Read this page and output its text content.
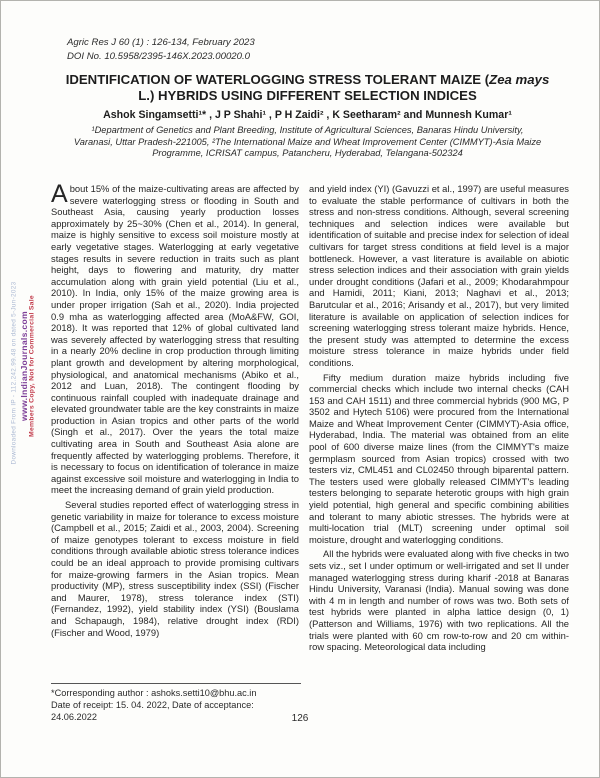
Agric Res J 60 (1) : 126-134, February 2023
DOI No. 10.5958/2395-146X.2023.00020.0
IDENTIFICATION OF WATERLOGGING STRESS TOLERANT MAIZE (Zea mays L.) HYBRIDS USING DIFFERENT SELECTION INDICES
Ashok Singamsetti¹* , J P Shahi¹ , P H Zaidi² , K Seetharam² and Munnesh Kumar¹
¹Department of Genetics and Plant Breeding, Institute of Agricultural Sciences, Banaras Hindu University,
Varanasi, Uttar Pradesh-221005, ²The International Maize and Wheat Improvement Center (CIMMYT)-Asia Maize
Programme, ICRISAT campus, Patancheru, Hyderabad, Telangana-502324

About 15% of the maize-cultivating areas are affected by severe waterlogging stress or flooding in South and Southeast Asia, causing yearly production losses approximately by 25~30% (Chen et al., 2014). In general, maize is highly sensitive to excess soil moisture mostly at early vegetative stages. Waterlogging at early vegetative stages results in severe reduction in traits such as plant height, days to flowering and maturity, dry matter accumulation along with grain yield potential (Liu et al., 2010). In India, only 15% of the maize growing area is under proper irrigation (Sah et al., 2020). India projected 0.9 mha as waterlogging affected area (MoA&FW, GOI, 2018). It was reported that 12% of global cultivated land was severely affected by waterlogging stress that resulting in a nearly 20% decline in crop production through limiting plant growth and development by altering morphological, physiological, and anatomical mechanisms (Abiko et al., 2012 and Luan, 2018). The contingent flooding by continuous rainfall coupled with inadequate drainage and elevated groundwater table are the key constraints in maize production in Asian tropics and other parts of the world (Singh et al., 2017). Over the years the total maize cultivating area in South and Southeast Asia alone are frequently affected by waterlogging problems. Therefore, it is necessary to focus on identification of tolerance in maize against excessive soil moisture and waterlogging in India to meet the increasing demand of grain yield production.

Several studies reported effect of waterlogging stress in genetic variability in maize for tolerance to excess moisture (Campbell et al., 2015; Zaidi et al., 2003, 2004). Screening of maize genotypes tolerant to excess moisture in field conditions through available abiotic stress tolerance indices could be an ideal approach to provide promising cultivars for maize-growing farmers in the Asian tropics. Mean productivity (MP), stress susceptibility index (SSI) (Fischer and Maurer, 1978), stress tolerance index (STI) (Fernandez, 1992), yield stability index (YSI) (Bouslama and Schapaugh, 1984), relative drought index (RDI) (Fischer and Wood, 1979)

and yield index (YI) (Gavuzzi et al., 1997) are useful measures to evaluate the stable performance of cultivars in both the stress and non-stress conditions. Although, several screening techniques and selection indices were available but identification of suitable and precise index for selection of ideal cultivars for target stress conditions at field level is a major bottleneck. However, a vast literature is available on abiotic stress selection indices and their association with grain yields under drought conditions (Jafari et al., 2009; Khodarahmpour and Hamidi, 2011; Kiani, 2013; Naghavi et al., 2013; Barutcular et al., 2016; Arisandy et al., 2017), but very limited literature is available on application of selection indices for screening waterlogging stress tolerant maize hybrids. Hence, the present study was attempted to determine the excess moisture stress tolerance in maize hybrids under field conditions.

Fifty medium duration maize hybrids including five commercial checks which include two internal checks (CAH 153 and CAH 1511) and three commercial hybrids (900 MG, P 3502 and Hytech 5106) were procured from the International Maize and Wheat Improvement Center (CIMMYT)-Asia office, Hyderabad, India. The material was obtained from an elite pool of 600 diverse maize lines (from the CIMMYT's maize germplasm sourced from Asian tropics) crossed with two testers viz, CML451 and CL02450 through biparental pattern. The testers used were globally released CIMMYT's leading testers belonging to separate heterotic groups with high grain yield potential, high general and specific combining abilities and tolerant to many abiotic stresses. The hybrids were at multi-location trial (MLT) screening under optimal soil moisture, drought and waterlogging conditions.

All the hybrids were evaluated along with five checks in two sets viz., set I under optimum or well-irrigated and set II under managed waterlogging stress during kharif -2018 at Banaras Hindu University, Varanasi (India). Manual sowing was done with 4 m in length and number of rows was two. Both sets of test hybrids were planted in alpha lattice design (0, 1) (Patterson and Williams, 1976) with two replications. All the trials were planted with 60 cm row-to-row and 20 cm within-row spacing. Meteorological data including

*Corresponding author : ashoks.setti10@bhu.ac.in
Date of receipt: 15. 04. 2022, Date of acceptance: 24.06.2022	126
Downloaded From IP - 112.242.99.48 on dated 5-Jun-2023 www.IndianJournals.com Members Copy, Not for Commercial Sale
